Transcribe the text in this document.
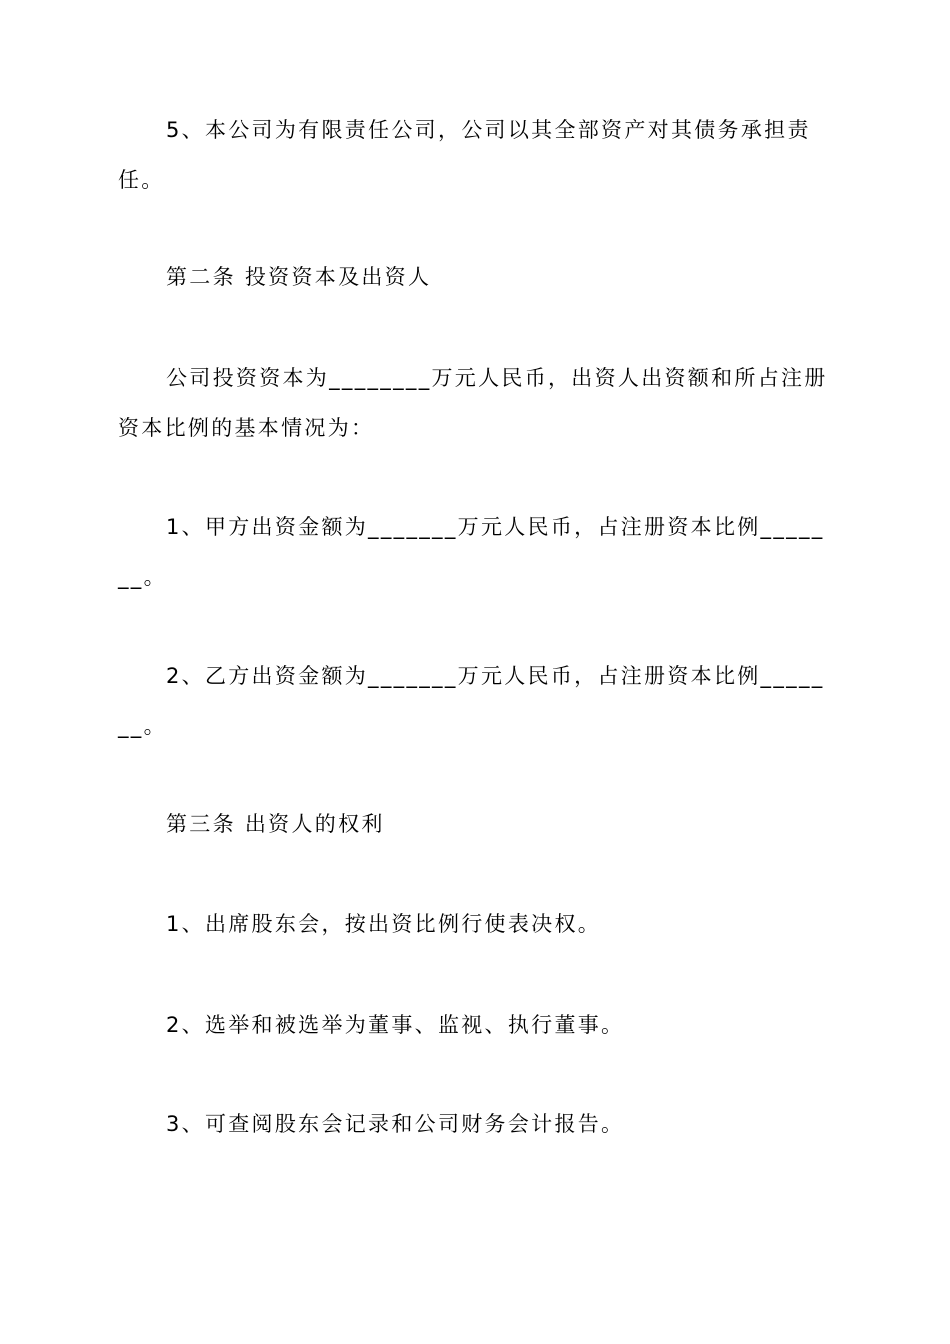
5、本公司为有限责任公司，公司以其全部资产对其债务承担责任。

第二条 投资资本及出资人

公司投资资本为________万元人民币，出资人出资额和所占注册资本比例的基本情况为：

1、甲方出资金额为_______万元人民币，占注册资本比例_______。

2、乙方出资金额为_______万元人民币，占注册资本比例_______。

第三条 出资人的权利

1、出席股东会，按出资比例行使表决权。

2、选举和被选举为董事、监视、执行董事。

3、可查阅股东会记录和公司财务会计报告。
